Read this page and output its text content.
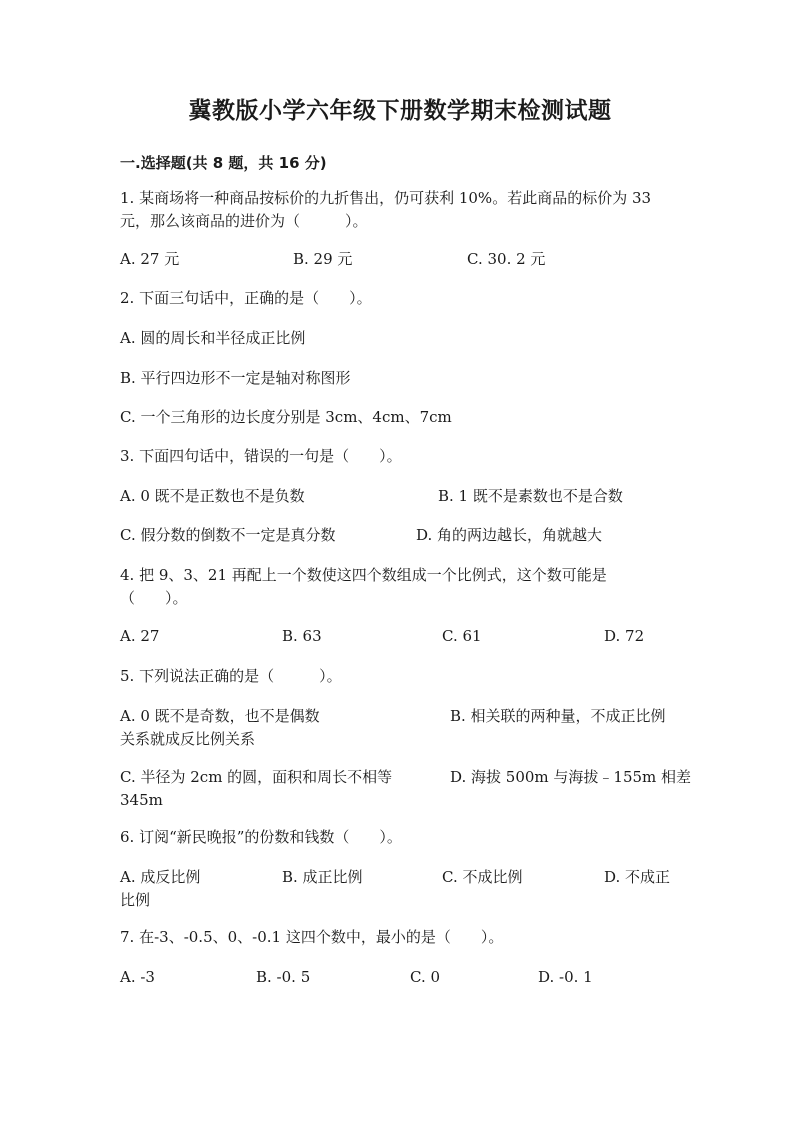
冀教版小学六年级下册数学期末检测试题
一.选择题(共 8 题，共 16 分)
1. 某商场将一种商品按标价的九折售出，仍可获利 10%。若此商品的标价为 33
元，那么该商品的进价为（　　　）。
A. 27 元	B. 29 元	C. 30. 2 元
2. 下面三句话中，正确的是（　　）。
A. 圆的周长和半径成正比例
B. 平行四边形不一定是轴对称图形
C. 一个三角形的边长度分别是 3cm、4cm、7cm
3. 下面四句话中，错误的一句是（　　）。
A. 0 既不是正数也不是负数	B. 1 既不是素数也不是合数
C. 假分数的倒数不一定是真分数	D. 角的两边越长，角就越大
4. 把 9、3、21 再配上一个数使这四个数组成一个比例式，这个数可能是
（　　）。
A. 27	B. 63	C. 61	D. 72
5. 下列说法正确的是（　　　）。
A. 0 既不是奇数，也不是偶数	B. 相关联的两种量，不成正比例
关系就成反比例关系
C. 半径为 2cm 的圆，面积和周长不相等	D. 海拔 500m 与海拔﹣155m 相差
345m
6. 订阅“新民晚报”的份数和钱数（　　）。
A. 成反比例	B. 成正比例	C. 不成比例	D. 不成正
比例
7. 在-3、-0.5、0、-0.1 这四个数中，最小的是（　　）。
A. -3	B. -0. 5	C. 0	D. -0. 1
